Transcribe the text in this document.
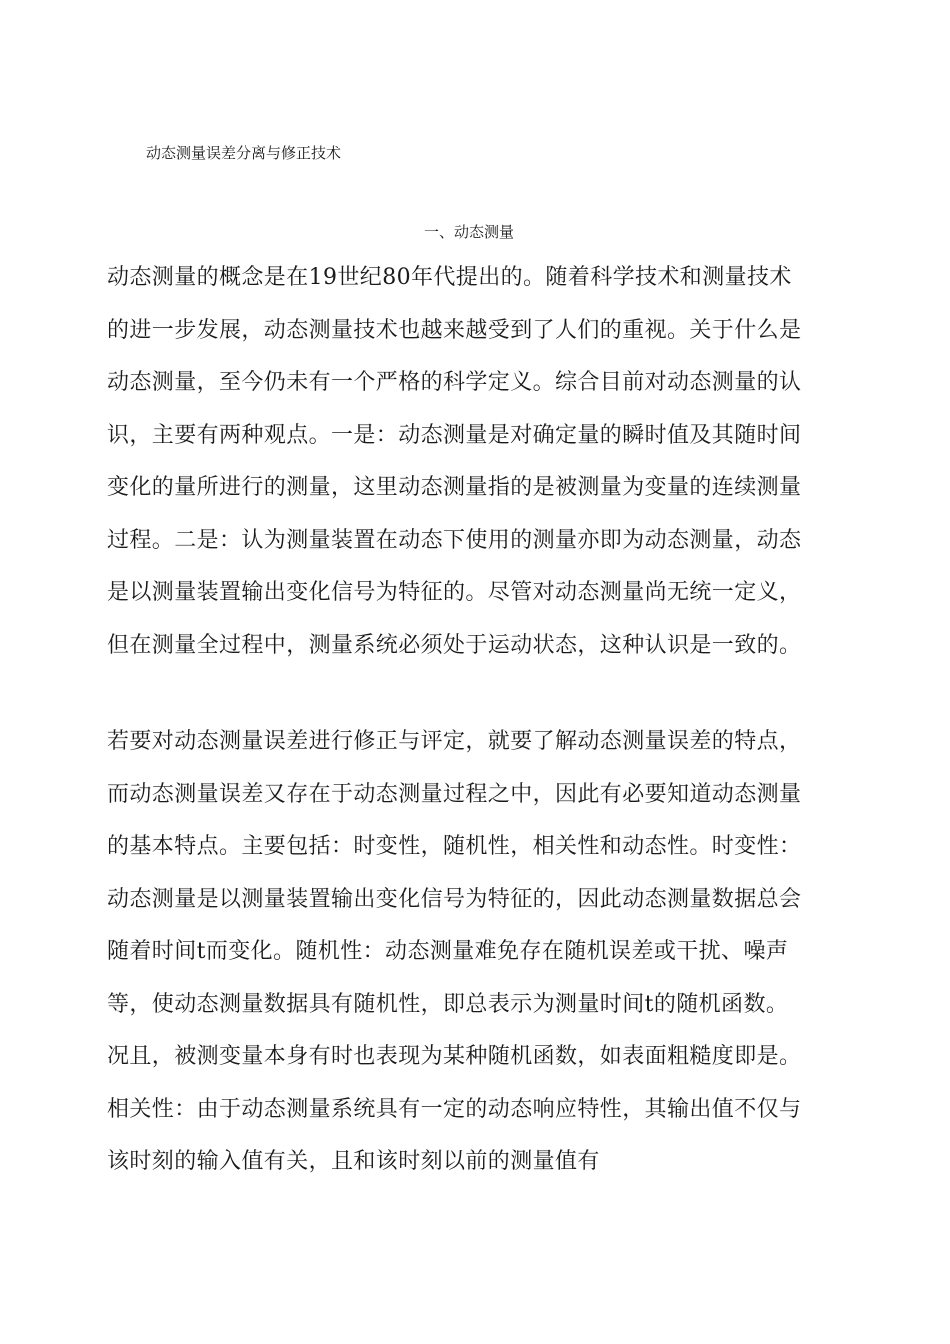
动态测量误差分离与修正技术
一、动态测量

动态测量的概念是在19世纪80年代提出的。随着科学技术和测量技术
的进一步发展，动态测量技术也越来越受到了人们的重视。关于什么是
动态测量，至今仍未有一个严格的科学定义。综合目前对动态测量的认
识，主要有两种观点。一是：动态测量是对确定量的瞬时值及其随时间
变化的量所进行的测量，这里动态测量指的是被测量为变量的连续测量
过程。二是：认为测量装置在动态下使用的测量亦即为动态测量，动态
是以测量装置输出变化信号为特征的。尽管对动态测量尚无统一定义，
但在测量全过程中，测量系统必须处于运动状态，这种认识是一致的。

若要对动态测量误差进行修正与评定，就要了解动态测量误差的特点，
而动态测量误差又存在于动态测量过程之中，因此有必要知道动态测量
的基本特点。主要包括：时变性，随机性，相关性和动态性。时变性：
动态测量是以测量装置输出变化信号为特征的，因此动态测量数据总会
随着时间t而变化。随机性：动态测量难免存在随机误差或干扰、噪声
等，使动态测量数据具有随机性，即总表示为测量时间t的随机函数。
况且，被测变量本身有时也表现为某种随机函数，如表面粗糙度即是。
相关性：由于动态测量系统具有一定的动态响应特性，其输出值不仅与
该时刻的输入值有关，且和该时刻以前的测量值有
